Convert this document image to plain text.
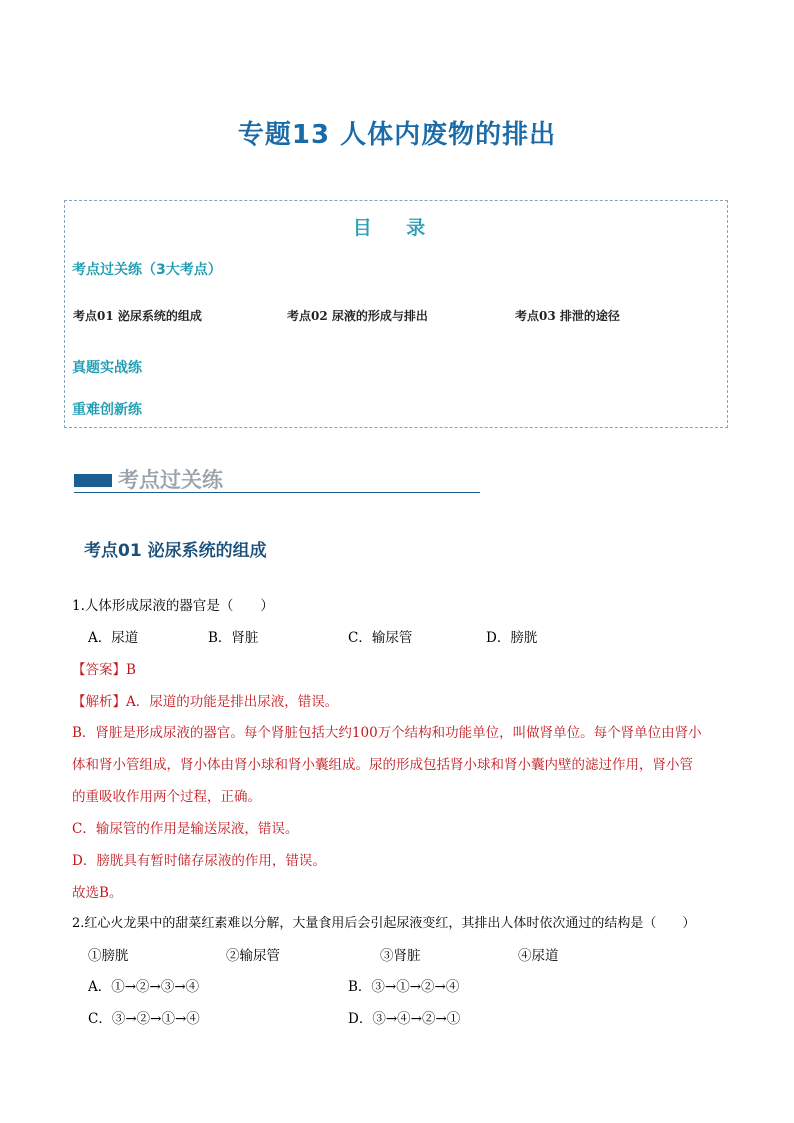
专题13 人体内废物的排出
目 录
考点过关练（3大考点）
考点01 泌尿系统的组成	考点02 尿液的形成与排出	考点03 排泄的途径
真题实战练
重难创新练
考点过关练
考点01 泌尿系统的组成
1.人体形成尿液的器官是（　　）
A．尿道	B．肾脏	C．输尿管	D．膀胱
【答案】B
【解析】A．尿道的功能是排出尿液，错误。
B．肾脏是形成尿液的器官。每个肾脏包括大约100万个结构和功能单位，叫做肾单位。每个肾单位由肾小
体和肾小管组成，肾小体由肾小球和肾小囊组成。尿的形成包括肾小球和肾小囊内壁的滤过作用，肾小管
的重吸收作用两个过程，正确。
C．输尿管的作用是输送尿液，错误。
D．膀胱具有暂时储存尿液的作用，错误。
故选B。
2.红心火龙果中的甜菜红素难以分解，大量食用后会引起尿液变红，其排出人体时依次通过的结构是（　　）
①膀胱	②输尿管	③肾脏	④尿道
A．①→②→③→④	B．③→①→②→④
C．③→②→①→④	D．③→④→②→①
